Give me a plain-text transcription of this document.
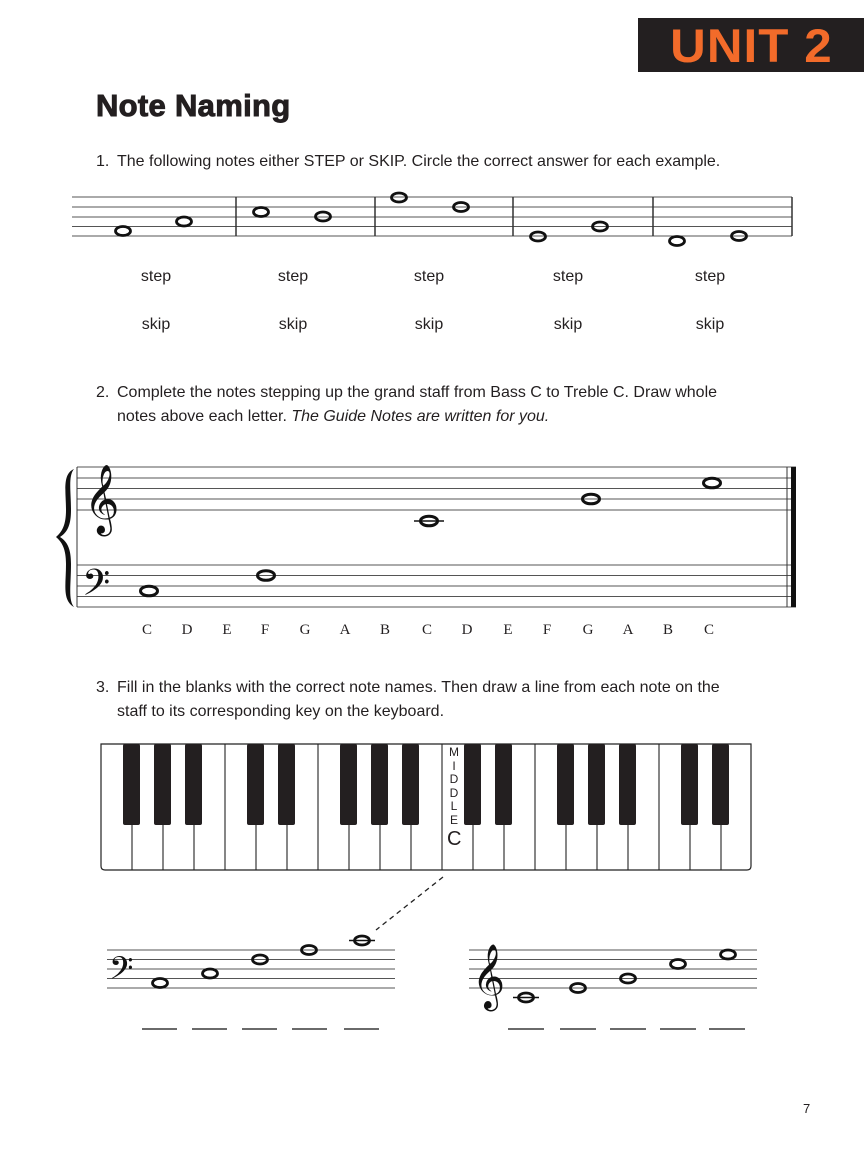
UNIT 2
Note Naming
1. The following notes either STEP or SKIP. Circle the correct answer for each example.
step	step	step	step	step
skip	skip	skip	skip	skip
2. Complete the notes stepping up the grand staff from Bass C to Treble C. Draw whole
notes above each letter. The Guide Notes are written for you.
𝄞
𝄢
C D E F G A B C D E F G A B C
3. Fill in the blanks with the correct note names. Then draw a line from each note on the
staff to its corresponding key on the keyboard.
M
I
D
D
L
E
C
𝄢	𝄞
7
